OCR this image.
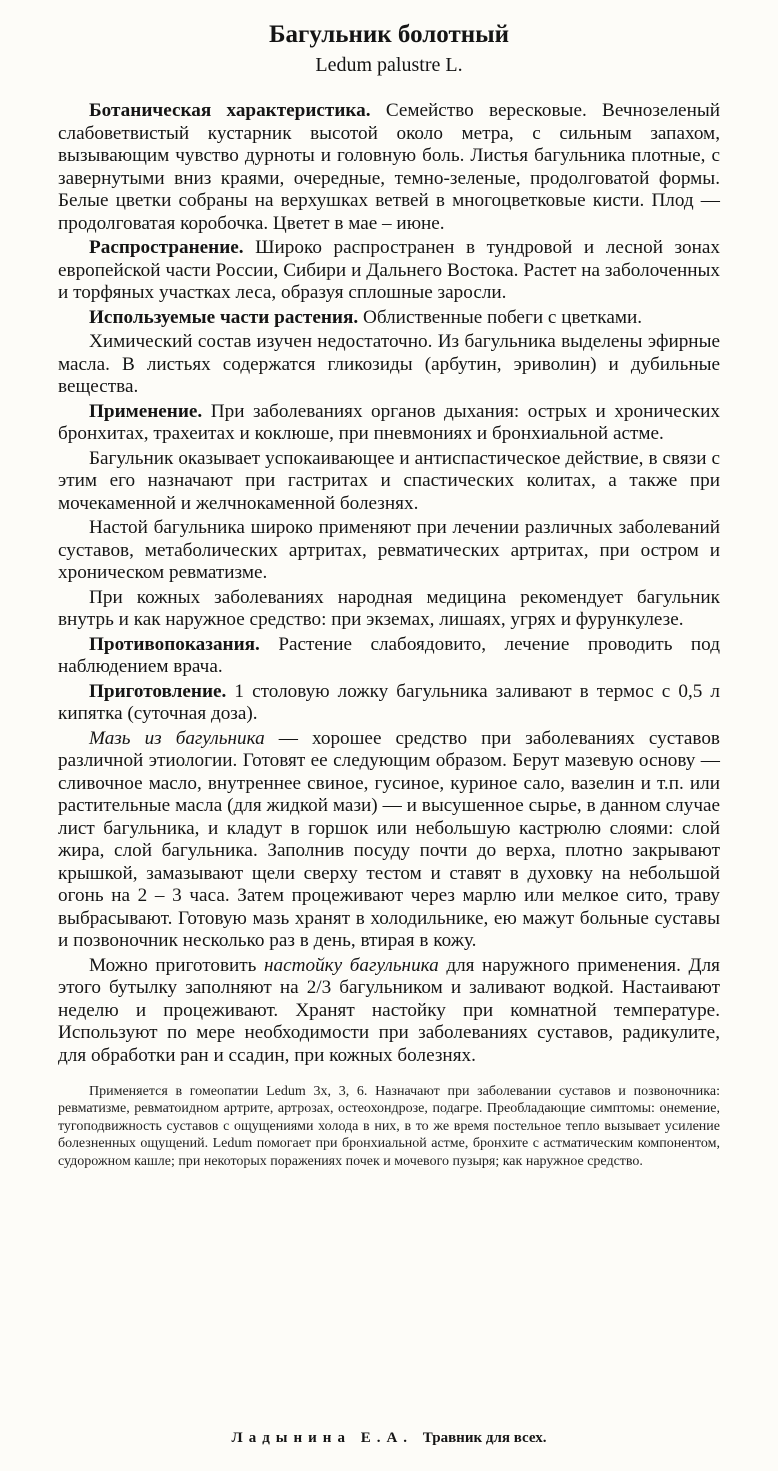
Багульник болотный
Ledum palustre L.

Ботаническая характеристика. Семейство вересковые. Вечнозеленый слабоветвистый кустарник высотой около метра, с сильным запахом, вызывающим чувство дурноты и головную боль. Листья багульника плотные, с завернутыми вниз краями, очередные, темно-зеленые, продолговатой формы. Белые цветки собраны на верхушках ветвей в многоцветковые кисти. Плод — продолговатая коробочка. Цветет в мае – июне.

Распространение. Широко распространен в тундровой и лесной зонах европейской части России, Сибири и Дальнего Востока. Растет на заболоченных и торфяных участках леса, образуя сплошные заросли.

Используемые части растения. Облиственные побеги с цветками.

Химический состав изучен недостаточно. Из багульника выделены эфирные масла. В листьях содержатся гликозиды (арбутин, эриволин) и дубильные вещества.

Применение. При заболеваниях органов дыхания: острых и хронических бронхитах, трахеитах и коклюше, при пневмониях и бронхиальной астме.

Багульник оказывает успокаивающее и антиспастическое действие, в связи с этим его назначают при гастритах и спастических колитах, а также при мочекаменной и желчнокаменной болезнях.

Настой багульника широко применяют при лечении различных заболеваний суставов, метаболических артритах, ревматических артритах, при остром и хроническом ревматизме.

При кожных заболеваниях народная медицина рекомендует багульник внутрь и как наружное средство: при экземах, лишаях, угрях и фурункулезе.

Противопоказания. Растение слабоядовито, лечение проводить под наблюдением врача.

Приготовление. 1 столовую ложку багульника заливают в термос с 0,5 л кипятка (суточная доза).

Мазь из багульника — хорошее средство при заболеваниях суставов различной этиологии. Готовят ее следующим образом. Берут мазевую основу — сливочное масло, внутреннее свиное, гусиное, куриное сало, вазелин и т.п. или растительные масла (для жидкой мази) — и высушенное сырье, в данном случае лист багульника, и кладут в горшок или небольшую кастрюлю слоями: слой жира, слой багульника. Заполнив посуду почти до верха, плотно закрывают крышкой, замазывают щели сверху тестом и ставят в духовку на небольшой огонь на 2 – 3 часа. Затем процеживают через марлю или мелкое сито, траву выбрасывают. Готовую мазь хранят в холодильнике, ею мажут больные суставы и позвоночник несколько раз в день, втирая в кожу.

Можно приготовить настойку багульника для наружного применения. Для этого бутылку заполняют на 2/3 багульником и заливают водкой. Настаивают неделю и процеживают. Хранят настойку при комнатной температуре. Используют по мере необходимости при заболеваниях суставов, радикулите, для обработки ран и ссадин, при кожных болезнях.

Применяется в гомеопатии Ledum 3x, 3, 6. Назначают при заболевании суставов и позвоночника: ревматизме, ревматоидном артрите, артрозах, остеохондрозе, подагре. Преобладающие симптомы: онемение, тугоподвижность суставов с ощущениями холода в них, в то же время постельное тепло вызывает усиление болезненных ощущений. Ledum помогает при бронхиальной астме, бронхите с астматическим компонентом, судорожном кашле; при некоторых поражениях почек и мочевого пузыря; как наружное средство.
Ладынина Е.А. Травник для всех.
